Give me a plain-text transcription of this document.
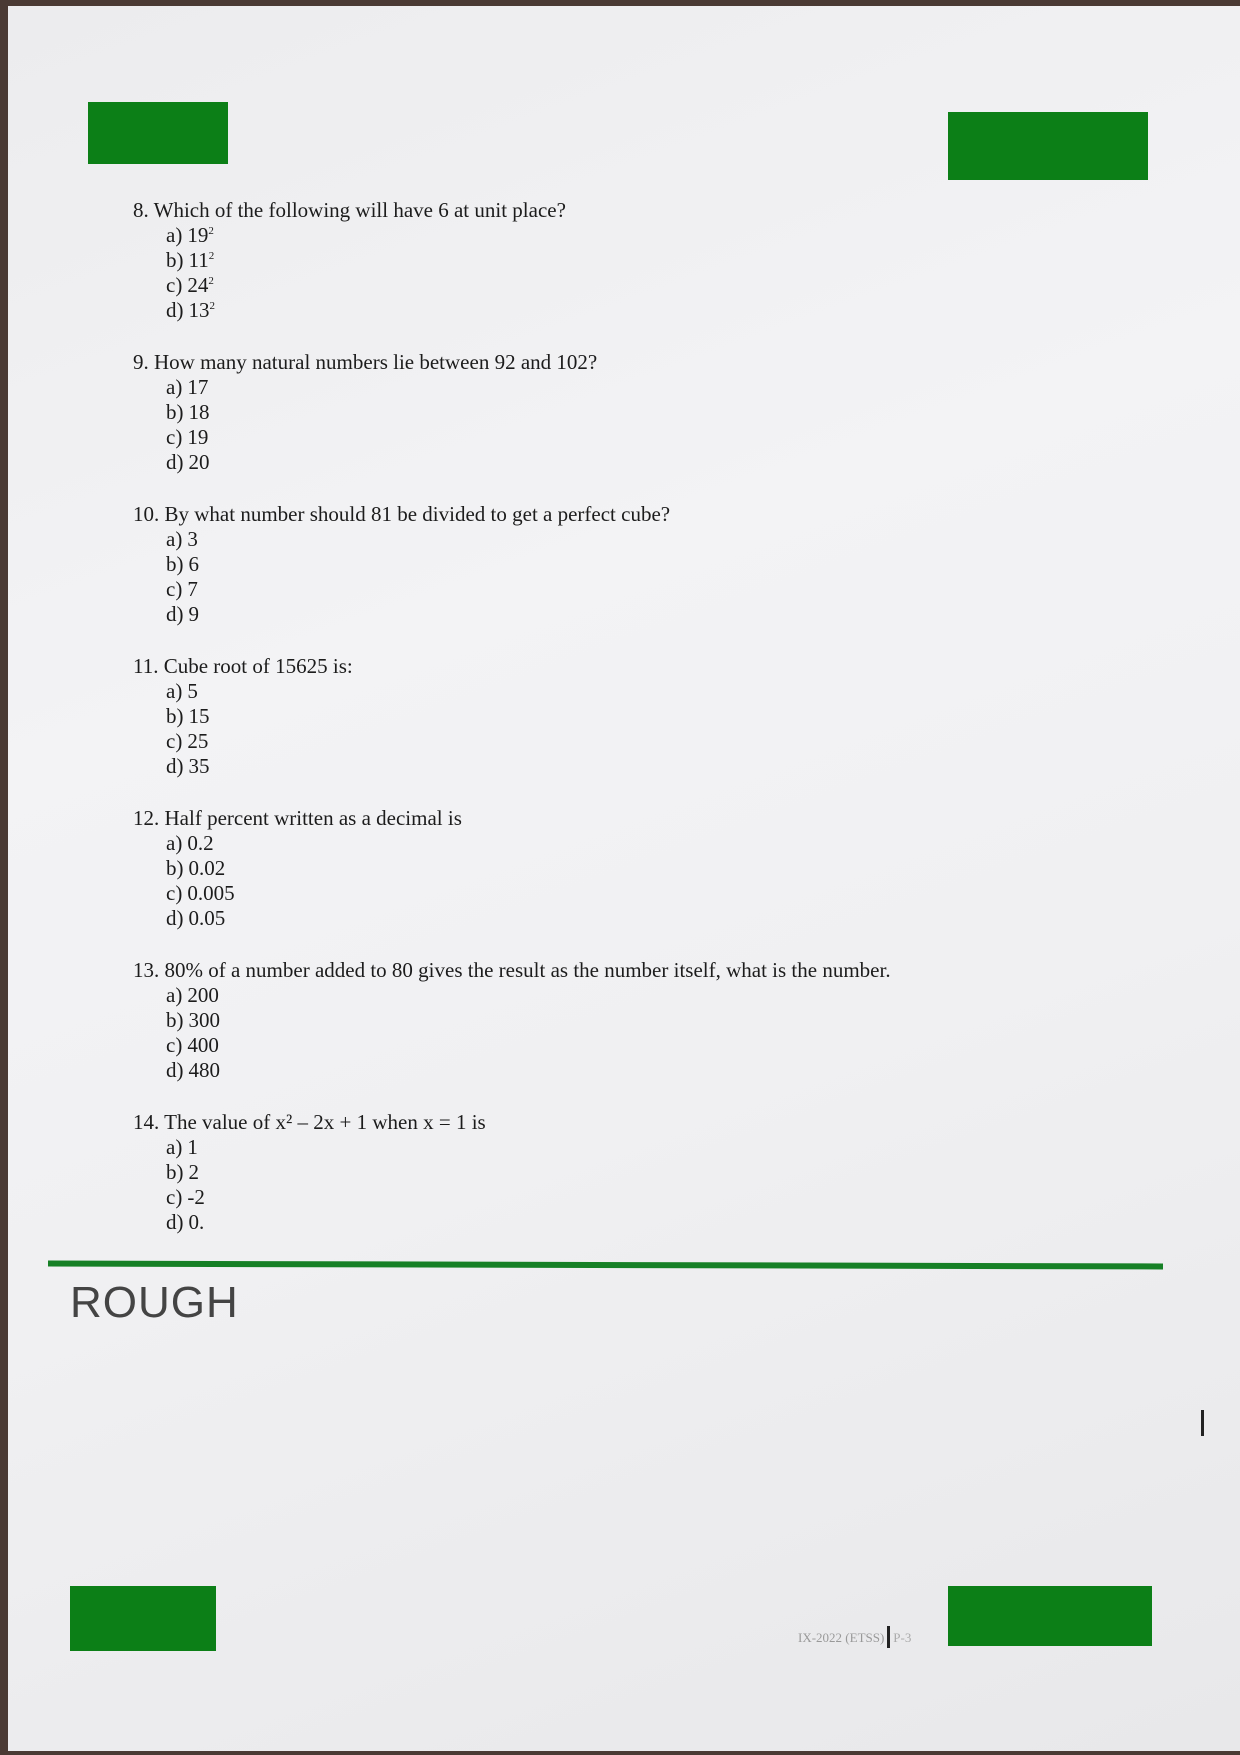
8. Which of the following will have 6 at unit place?
a) $19^2$
b) $11^2$
c) $24^2$
d) $13^2$
9. How many natural numbers lie between 92 and 102?
a) 17
b) 18
c) 19
d) 20
10. By what number should 81 be divided to get a perfect cube?
a) 3
b) 6
c) 7
d) 9
11. Cube root of 15625 is:
a) 5
b) 15
c) 25
d) 35
12. Half percent written as a decimal is
a) 0.2
b) 0.02
c) 0.005
d) 0.05
13. 80% of a number added to 80 gives the result as the number itself, what is the number.
a) 200
b) 300
c) 400
d) 480
14. The value of x² – 2x + 1 when x = 1 is
a) 1
b) 2
c) -2
d) 0.
ROUGH
IX-2022 (ETSS) P-3
